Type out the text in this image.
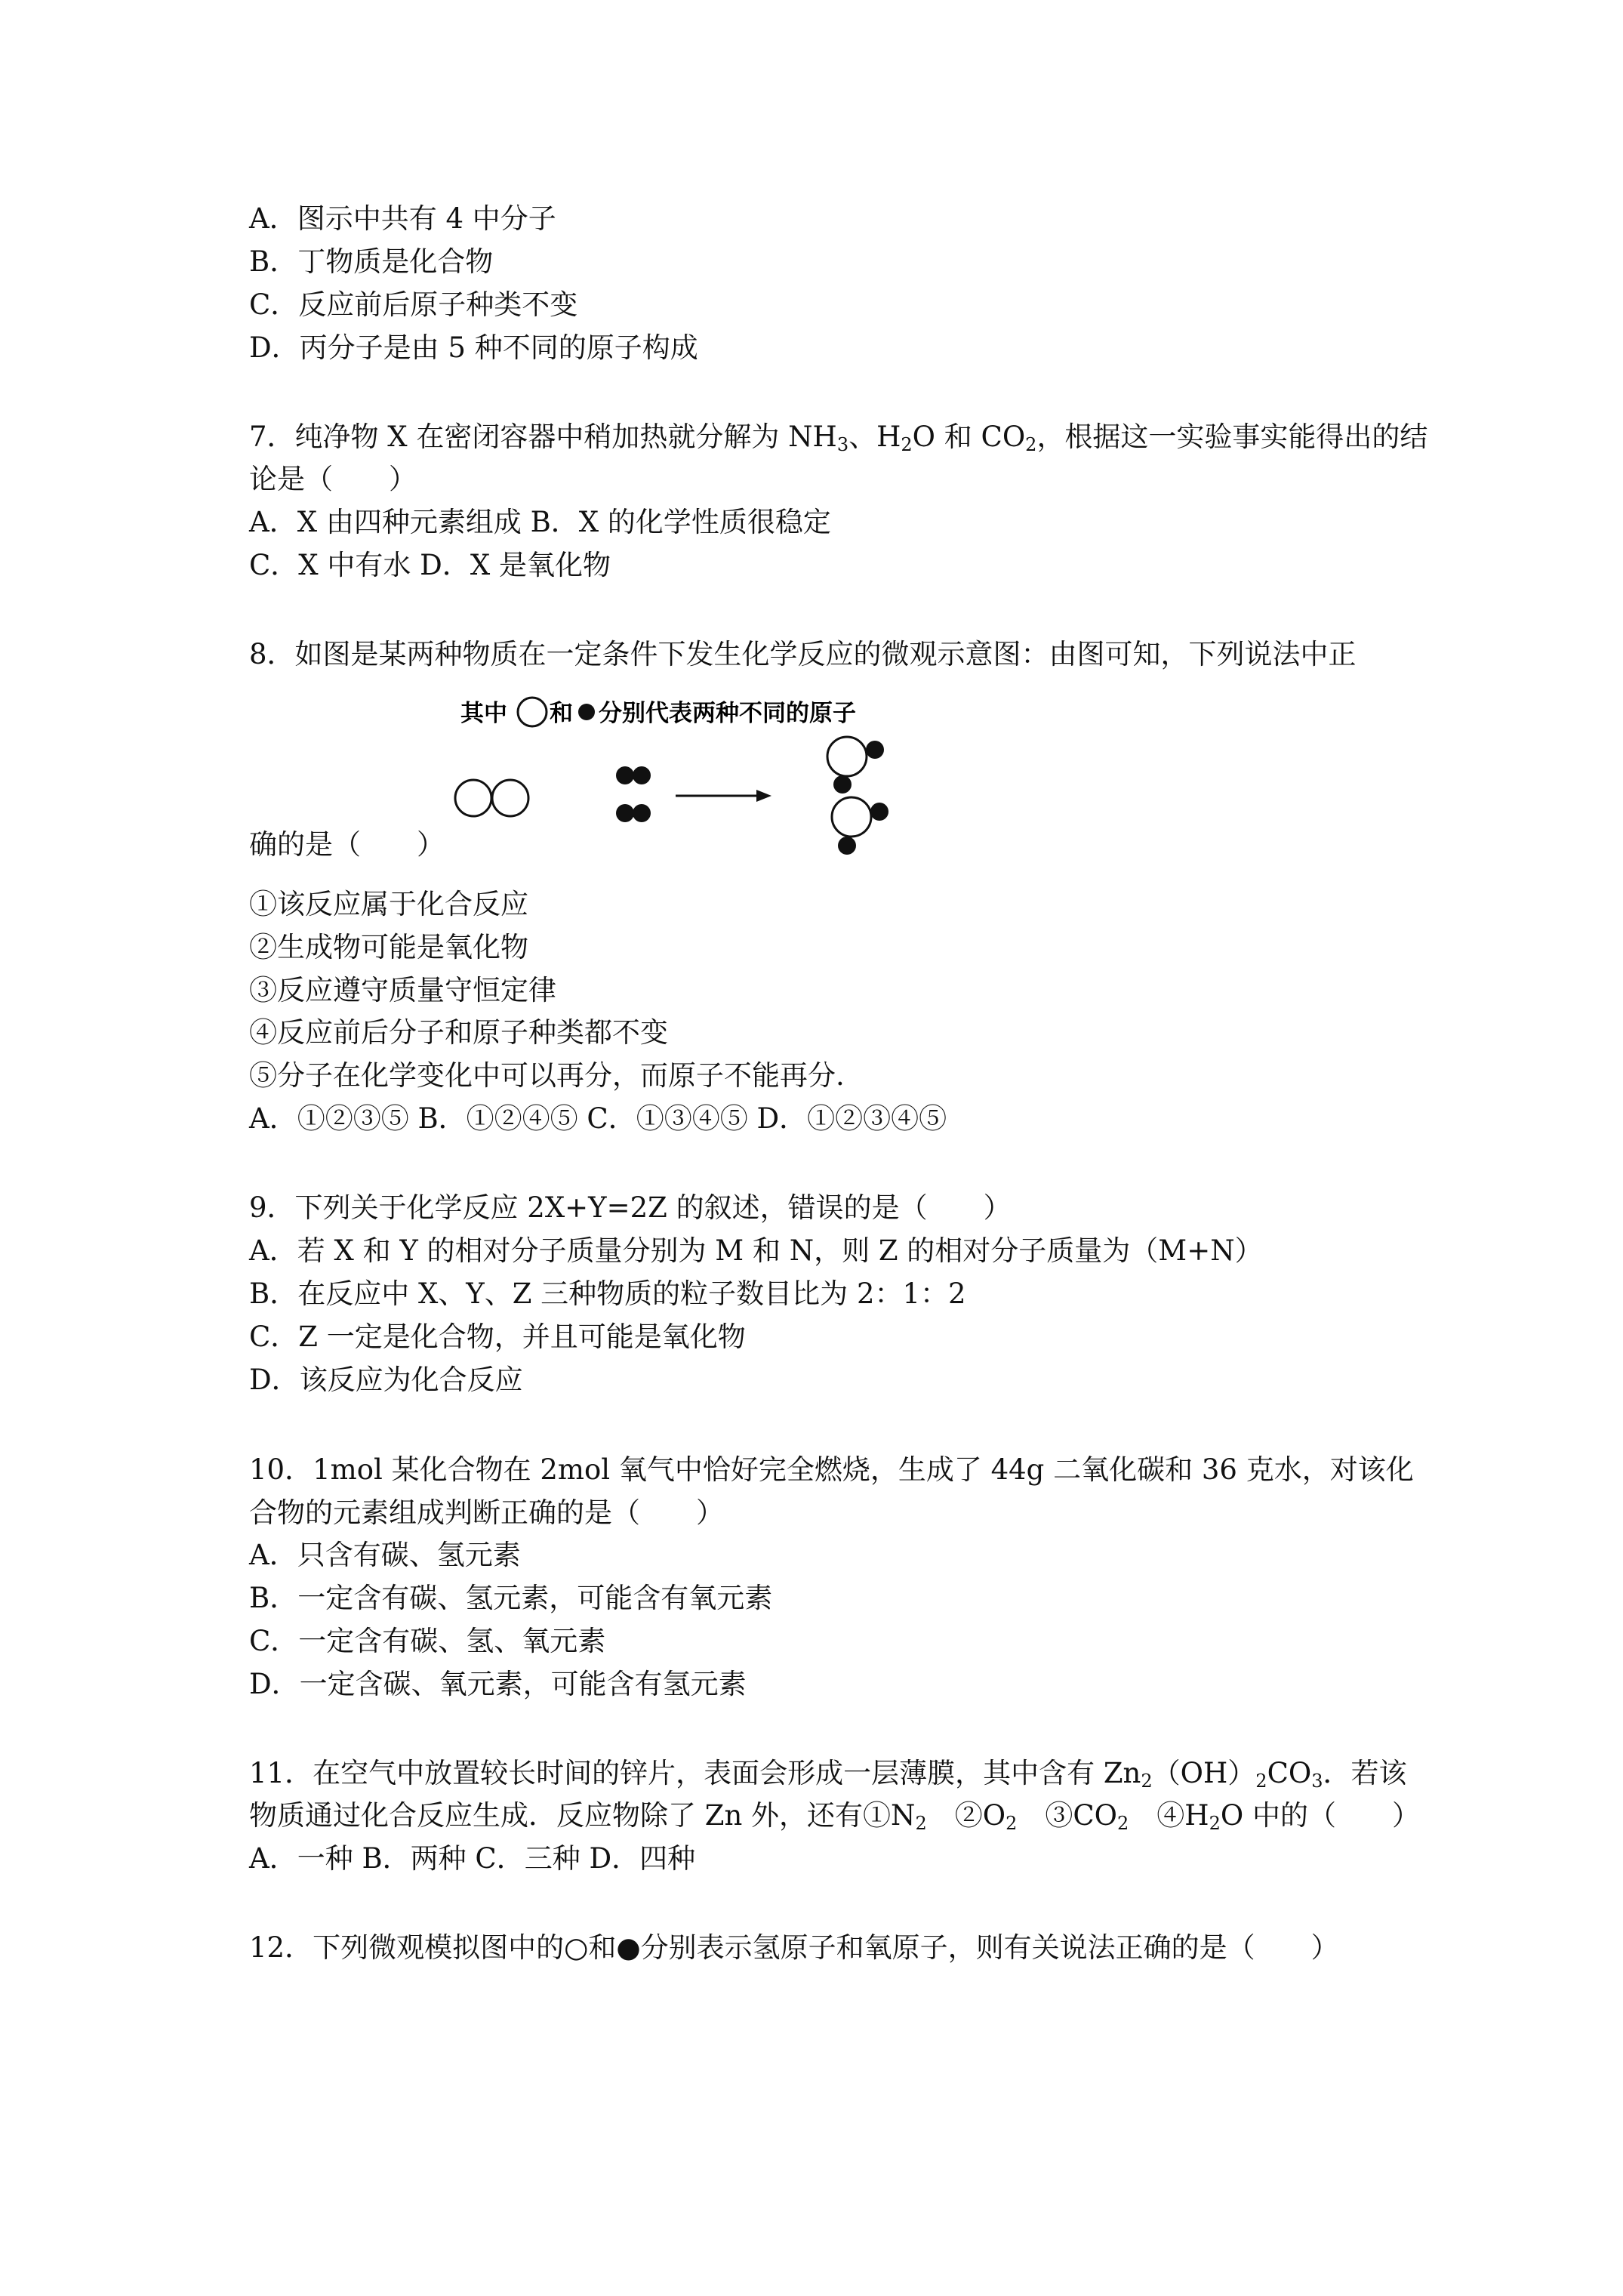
A．图示中共有 4 中分子
B．丁物质是化合物
C．反应前后原子种类不变
D．丙分子是由 5 种不同的原子构成
7．纯净物 X 在密闭容器中稍加热就分解为 $NH_3$、$H_2O$ 和 $CO_2$，根据这一实验事实能得出的结
论是（　　）
A．X 由四种元素组成 B．X 的化学性质很稳定
C．X 中有水 D．X 是氧化物
8．如图是某两种物质在一定条件下发生化学反应的微观示意图：由图可知，下列说法中正
其中 和 分别代表两种不同的原子
确的是（　　）
①该反应属于化合反应
②生成物可能是氧化物
③反应遵守质量守恒定律
④反应前后分子和原子种类都不变
⑤分子在化学变化中可以再分，而原子不能再分.
A．①②③⑤ B．①②④⑤ C．①③④⑤ D．①②③④⑤
9．下列关于化学反应 2X+Y=2Z 的叙述，错误的是（　　）
A．若 X 和 Y 的相对分子质量分别为 M 和 N，则 Z 的相对分子质量为（M+N）
B．在反应中 X、Y、Z 三种物质的粒子数目比为 2：1：2
C．Z 一定是化合物，并且可能是氧化物
D．该反应为化合反应
10．1mol 某化合物在 2mol 氧气中恰好完全燃烧，生成了 44g 二氧化碳和 36 克水，对该化
合物的元素组成判断正确的是（　　）
A．只含有碳、氢元素
B．一定含有碳、氢元素，可能含有氧元素
C．一定含有碳、氢、氧元素
D．一定含碳、氧元素，可能含有氢元素
11．在空气中放置较长时间的锌片，表面会形成一层薄膜，其中含有 $Zn_2(OH)_2CO_3$．若该
物质通过化合反应生成．反应物除了 Zn 外，还有$①N_2$　$②O_2$　$③CO_2$　$④H_2O$ 中的（　　）
A．一种 B．两种 C．三种 D．四种
12．下列微观模拟图中的○和●分别表示氢原子和氧原子，则有关说法正确的是（　　）
